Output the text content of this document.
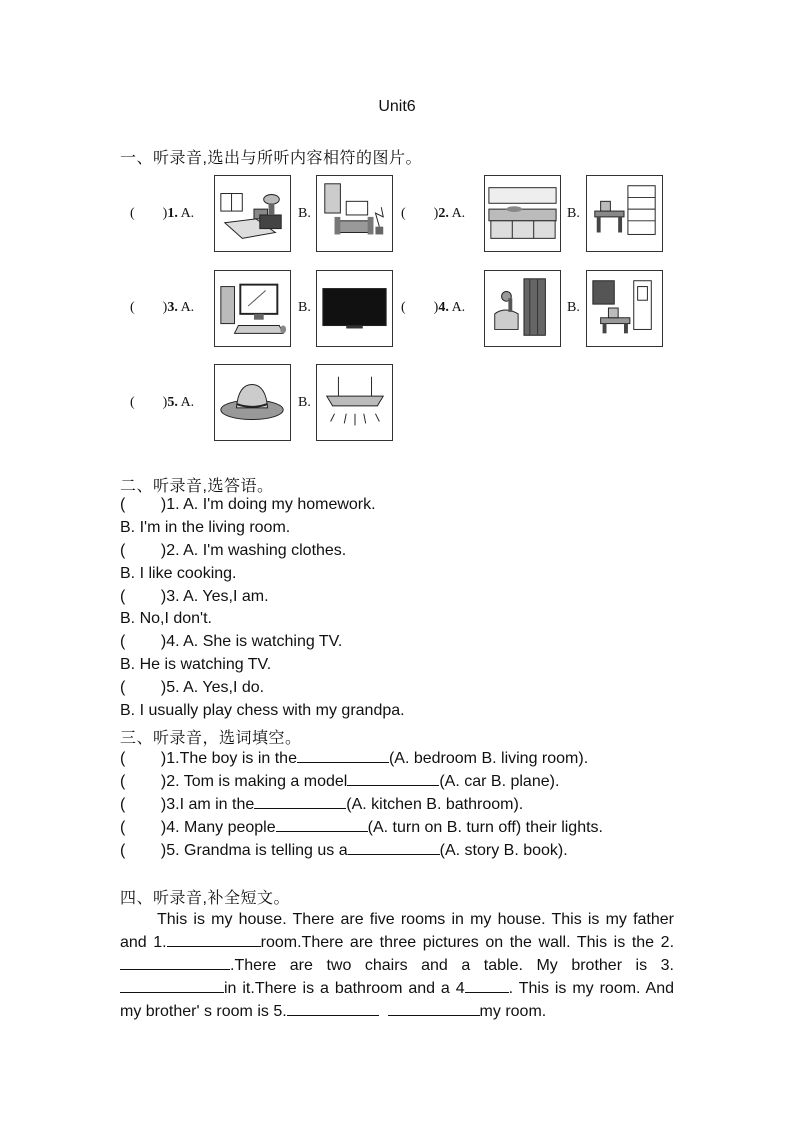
Unit6
一、听录音,选出与所听内容相符的图片。
(        )1. A.	B.	(        )2. A.	B.
(        )3. A.	B.	(        )4. A.	B.
(        )5. A.	B.
二、听录音,选答语。
(        )1. A. I'm doing my homework.
B. I'm in the living room.
(        )2. A. I'm washing clothes.
B. I like cooking.
(        )3. A. Yes,I am.
B. No,I don't.
(        )4. A. She is watching TV.
B. He is watching TV.
(        )5. A. Yes,I do.
B. I usually play chess with my grandpa.
三、听录音，选词填空。
(        )1.The boy is in the	(A. bedroom B. living room).
(        )2. Tom is making a model	(A. car B. plane).
(        )3.I am in the	(A. kitchen B. bathroom).
(        )4. Many people	(A. turn on B. turn off) their lights.
(        )5. Grandma is telling us a	(A. story B. book).
四、听录音,补全短文。

This is my house. There are five rooms in my house. This is my father and 1.	room.There are three pictures on the wall. This is the 2..There are two chairs and a table. My brother is 3.in it.There is a bathroom and a 4	. This is my room. And my brother' s room is 5.	my room.
